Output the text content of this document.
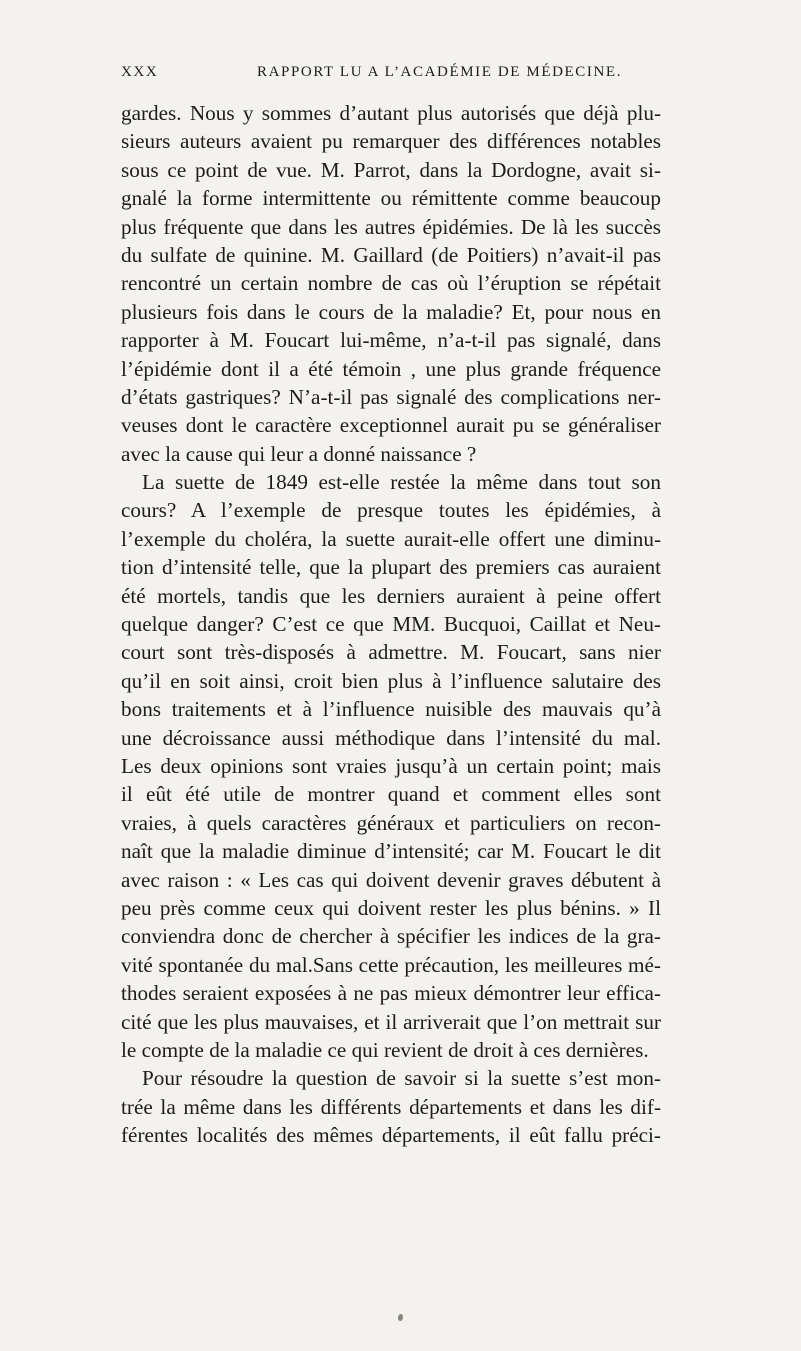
XXX	RAPPORT LU A L’ACADÉMIE DE MÉDECINE.
gardes. Nous y sommes d’autant plus autorisés que déjà plu-
sieurs auteurs avaient pu remarquer des différences notables
sous ce point de vue. M. Parrot, dans la Dordogne, avait si-
gnalé la forme intermittente ou rémittente comme beaucoup
plus fréquente que dans les autres épidémies. De là les succès
du sulfate de quinine. M. Gaillard (de Poitiers) n’avait-il pas
rencontré un certain nombre de cas où l’éruption se répétait
plusieurs fois dans le cours de la maladie? Et, pour nous en
rapporter à M. Foucart lui-même, n’a-t-il pas signalé, dans
l’épidémie dont il a été témoin , une plus grande fréquence
d’états gastriques? N’a-t-il pas signalé des complications ner-
veuses dont le caractère exceptionnel aurait pu se généraliser
avec la cause qui leur a donné naissance ?
La suette de 1849 est-elle restée la même dans tout son
cours? A l’exemple de presque toutes les épidémies, à
l’exemple du choléra, la suette aurait-elle offert une diminu-
tion d’intensité telle, que la plupart des premiers cas auraient
été mortels, tandis que les derniers auraient à peine offert
quelque danger? C’est ce que MM. Bucquoi, Caillat et Neu-
court sont très-disposés à admettre. M. Foucart, sans nier
qu’il en soit ainsi, croit bien plus à l’influence salutaire des
bons traitements et à l’influence nuisible des mauvais qu’à
une décroissance aussi méthodique dans l’intensité du mal.
Les deux opinions sont vraies jusqu’à un certain point; mais
il eût été utile de montrer quand et comment elles sont
vraies, à quels caractères généraux et particuliers on recon-
naît que la maladie diminue d’intensité; car M. Foucart le dit
avec raison : « Les cas qui doivent devenir graves débutent à
peu près comme ceux qui doivent rester les plus bénins. » Il
conviendra donc de chercher à spécifier les indices de la gra-
vité spontanée du mal.Sans cette précaution, les meilleures mé-
thodes seraient exposées à ne pas mieux démontrer leur effica-
cité que les plus mauvaises, et il arriverait que l’on mettrait sur
le compte de la maladie ce qui revient de droit à ces dernières.
Pour résoudre la question de savoir si la suette s’est mon-
trée la même dans les différents départements et dans les dif-
férentes localités des mêmes départements, il eût fallu préci-
